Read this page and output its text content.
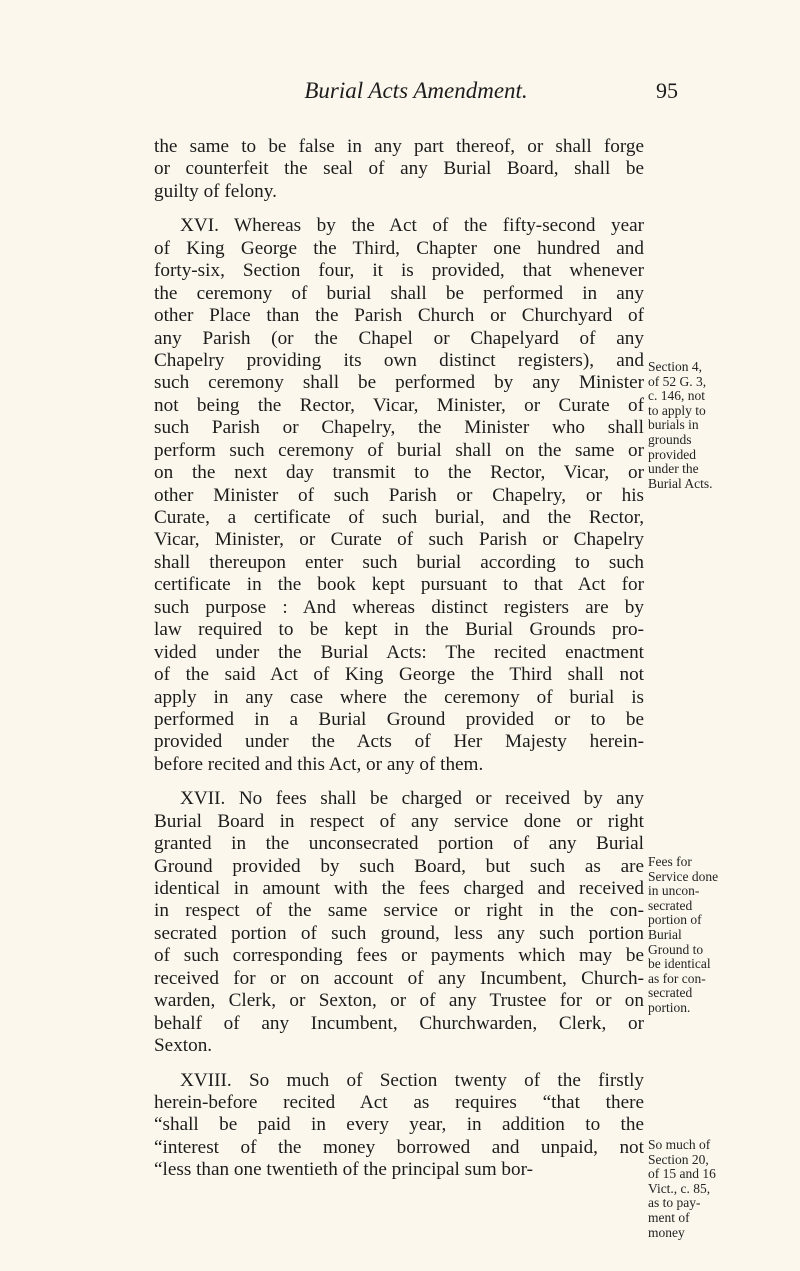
Burial Acts Amendment.	95
the same to be false in any part thereof, or shall forge
or counterfeit the seal of any Burial Board, shall be
guilty of felony.
XVI. Whereas by the Act of the fifty-second year
of King George the Third, Chapter one hundred and
forty-six, Section four, it is provided, that whenever
the ceremony of burial shall be performed in any
other Place than the Parish Church or Churchyard of
any Parish (or the Chapel or Chapelyard of any
Chapelry providing its own distinct registers), and
such ceremony shall be performed by any Minister
not being the Rector, Vicar, Minister, or Curate of
such Parish or Chapelry, the Minister who shall
perform such ceremony of burial shall on the same or
on the next day transmit to the Rector, Vicar, or
other Minister of such Parish or Chapelry, or his
Curate, a certificate of such burial, and the Rector,
Vicar, Minister, or Curate of such Parish or Chapelry
shall thereupon enter such burial according to such
certificate in the book kept pursuant to that Act for
such purpose : And whereas distinct registers are by
law required to be kept in the Burial Grounds pro-
vided under the Burial Acts: The recited enactment
of the said Act of King George the Third shall not
apply in any case where the ceremony of burial is
performed in a Burial Ground provided or to be
provided under the Acts of Her Majesty herein-
before recited and this Act, or any of them.
XVII. No fees shall be charged or received by any
Burial Board in respect of any service done or right
granted in the unconsecrated portion of any Burial
Ground provided by such Board, but such as are
identical in amount with the fees charged and received
in respect of the same service or right in the con-
secrated portion of such ground, less any such portion
of such corresponding fees or payments which may be
received for or on account of any Incumbent, Church-
warden, Clerk, or Sexton, or of any Trustee for or on
behalf of any Incumbent, Churchwarden, Clerk, or
Sexton.
XVIII. So much of Section twenty of the firstly
herein-before recited Act as requires “that there
“shall be paid in every year, in addition to the
“interest of the money borrowed and unpaid, not
“less than one twentieth of the principal sum bor-
Section 4,
of 52 G. 3,
c. 146, not
to apply to
burials in
grounds
provided
under the
Burial Acts.
Fees for
Service done
in uncon-
secrated
portion of
Burial
Ground to
be identical
as for con-
secrated
portion.
So much of
Section 20,
of 15 and 16
Vict., c. 85,
as to pay-
ment of
money
